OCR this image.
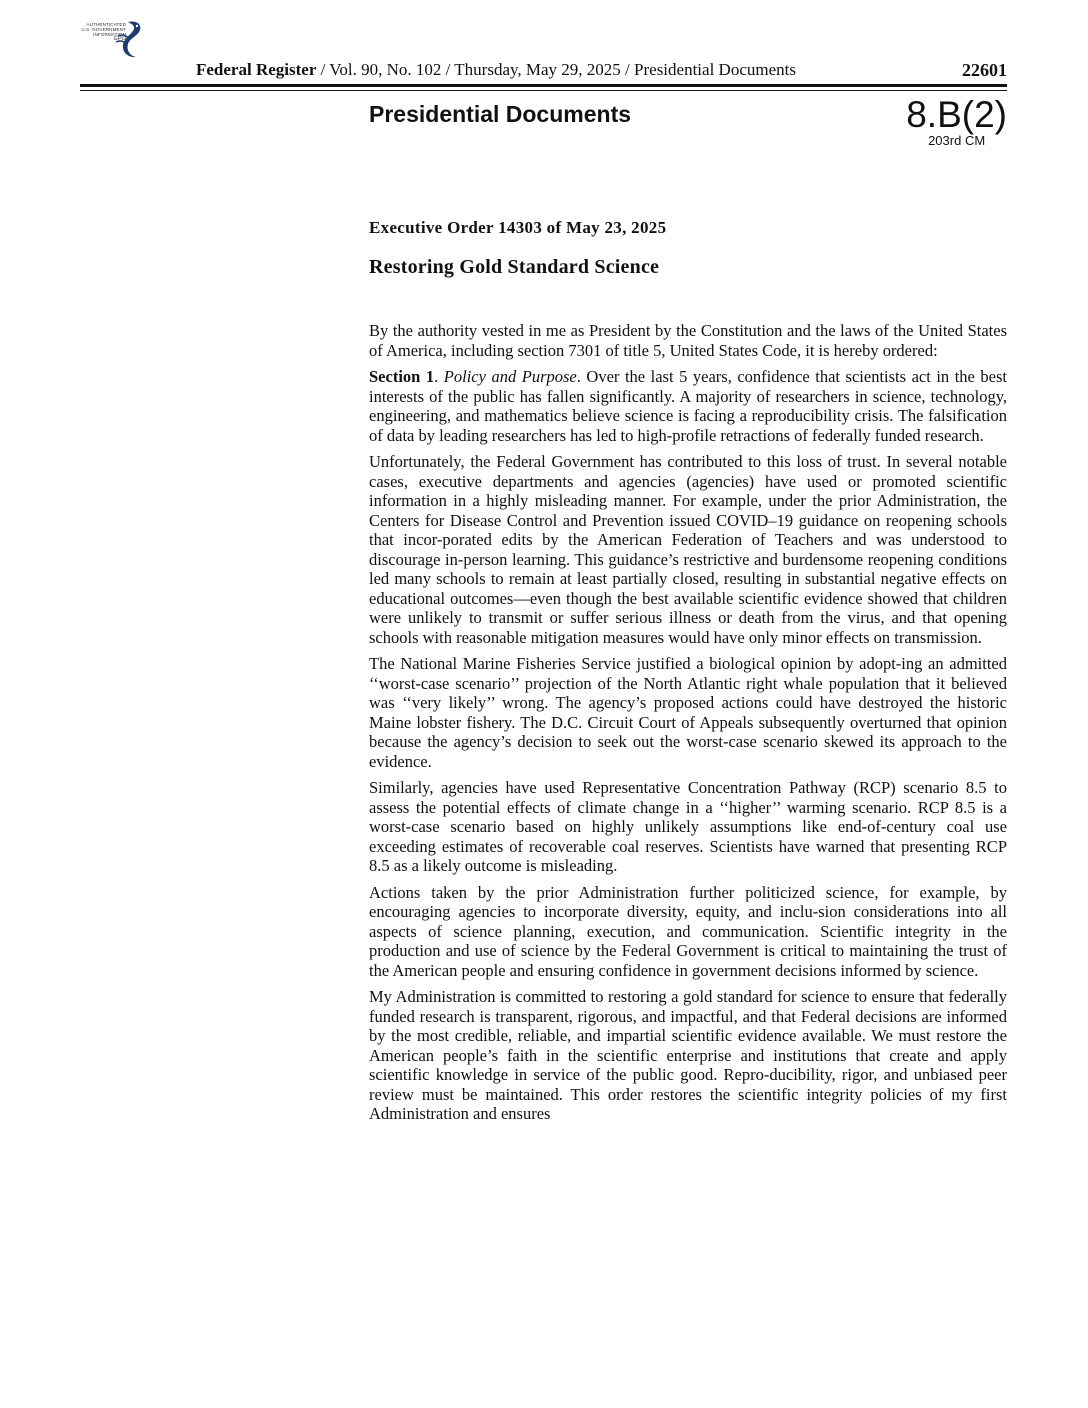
AUTHENTICATED
U.S. GOVERNMENT
INFORMATION
GPO
Federal Register / Vol. 90, No. 102 / Thursday, May 29, 2025 / Presidential Documents	22601
Presidential Documents	8.B(2)
203rd CM
Executive Order 14303 of May 23, 2025
Restoring Gold Standard Science

By the authority vested in me as President by the Constitution and the laws of the United States of America, including section 7301 of title 5, United States Code, it is hereby ordered:

Section 1. Policy and Purpose. Over the last 5 years, confidence that scientists act in the best interests of the public has fallen significantly. A majority of researchers in science, technology, engineering, and mathematics believe science is facing a reproducibility crisis. The falsification of data by leading researchers has led to high-profile retractions of federally funded research.

Unfortunately, the Federal Government has contributed to this loss of trust. In several notable cases, executive departments and agencies (agencies) have used or promoted scientific information in a highly misleading manner. For example, under the prior Administration, the Centers for Disease Control and Prevention issued COVID–19 guidance on reopening schools that incor-porated edits by the American Federation of Teachers and was understood to discourage in-person learning. This guidance’s restrictive and burdensome reopening conditions led many schools to remain at least partially closed, resulting in substantial negative effects on educational outcomes—even though the best available scientific evidence showed that children were unlikely to transmit or suffer serious illness or death from the virus, and that opening schools with reasonable mitigation measures would have only minor effects on transmission.

The National Marine Fisheries Service justified a biological opinion by adopt-ing an admitted ‘‘worst-case scenario’’ projection of the North Atlantic right whale population that it believed was ‘‘very likely’’ wrong. The agency’s proposed actions could have destroyed the historic Maine lobster fishery. The D.C. Circuit Court of Appeals subsequently overturned that opinion because the agency’s decision to seek out the worst-case scenario skewed its approach to the evidence.

Similarly, agencies have used Representative Concentration Pathway (RCP) scenario 8.5 to assess the potential effects of climate change in a ‘‘higher’’ warming scenario. RCP 8.5 is a worst-case scenario based on highly unlikely assumptions like end-of-century coal use exceeding estimates of recoverable coal reserves. Scientists have warned that presenting RCP 8.5 as a likely outcome is misleading.

Actions taken by the prior Administration further politicized science, for example, by encouraging agencies to incorporate diversity, equity, and inclu-sion considerations into all aspects of science planning, execution, and communication. Scientific integrity in the production and use of science by the Federal Government is critical to maintaining the trust of the American people and ensuring confidence in government decisions informed by science.

My Administration is committed to restoring a gold standard for science to ensure that federally funded research is transparent, rigorous, and impactful, and that Federal decisions are informed by the most credible, reliable, and impartial scientific evidence available. We must restore the American people’s faith in the scientific enterprise and institutions that create and apply scientific knowledge in service of the public good. Repro-ducibility, rigor, and unbiased peer review must be maintained. This order restores the scientific integrity policies of my first Administration and ensures
